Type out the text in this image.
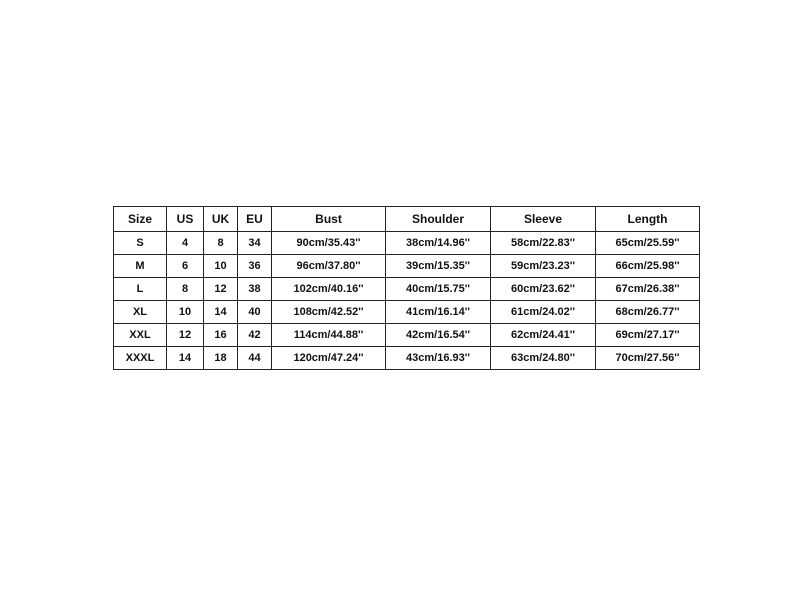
Size	US	UK	EU	Bust	Shoulder	Sleeve	Length
S	4	8	34	90cm/35.43''	38cm/14.96''	58cm/22.83''	65cm/25.59''
M	6	10	36	96cm/37.80''	39cm/15.35''	59cm/23.23''	66cm/25.98''
L	8	12	38	102cm/40.16''	40cm/15.75''	60cm/23.62''	67cm/26.38''
XL	10	14	40	108cm/42.52''	41cm/16.14''	61cm/24.02''	68cm/26.77''
XXL	12	16	42	114cm/44.88''	42cm/16.54''	62cm/24.41''	69cm/27.17''
XXXL	14	18	44	120cm/47.24''	43cm/16.93''	63cm/24.80''	70cm/27.56''
